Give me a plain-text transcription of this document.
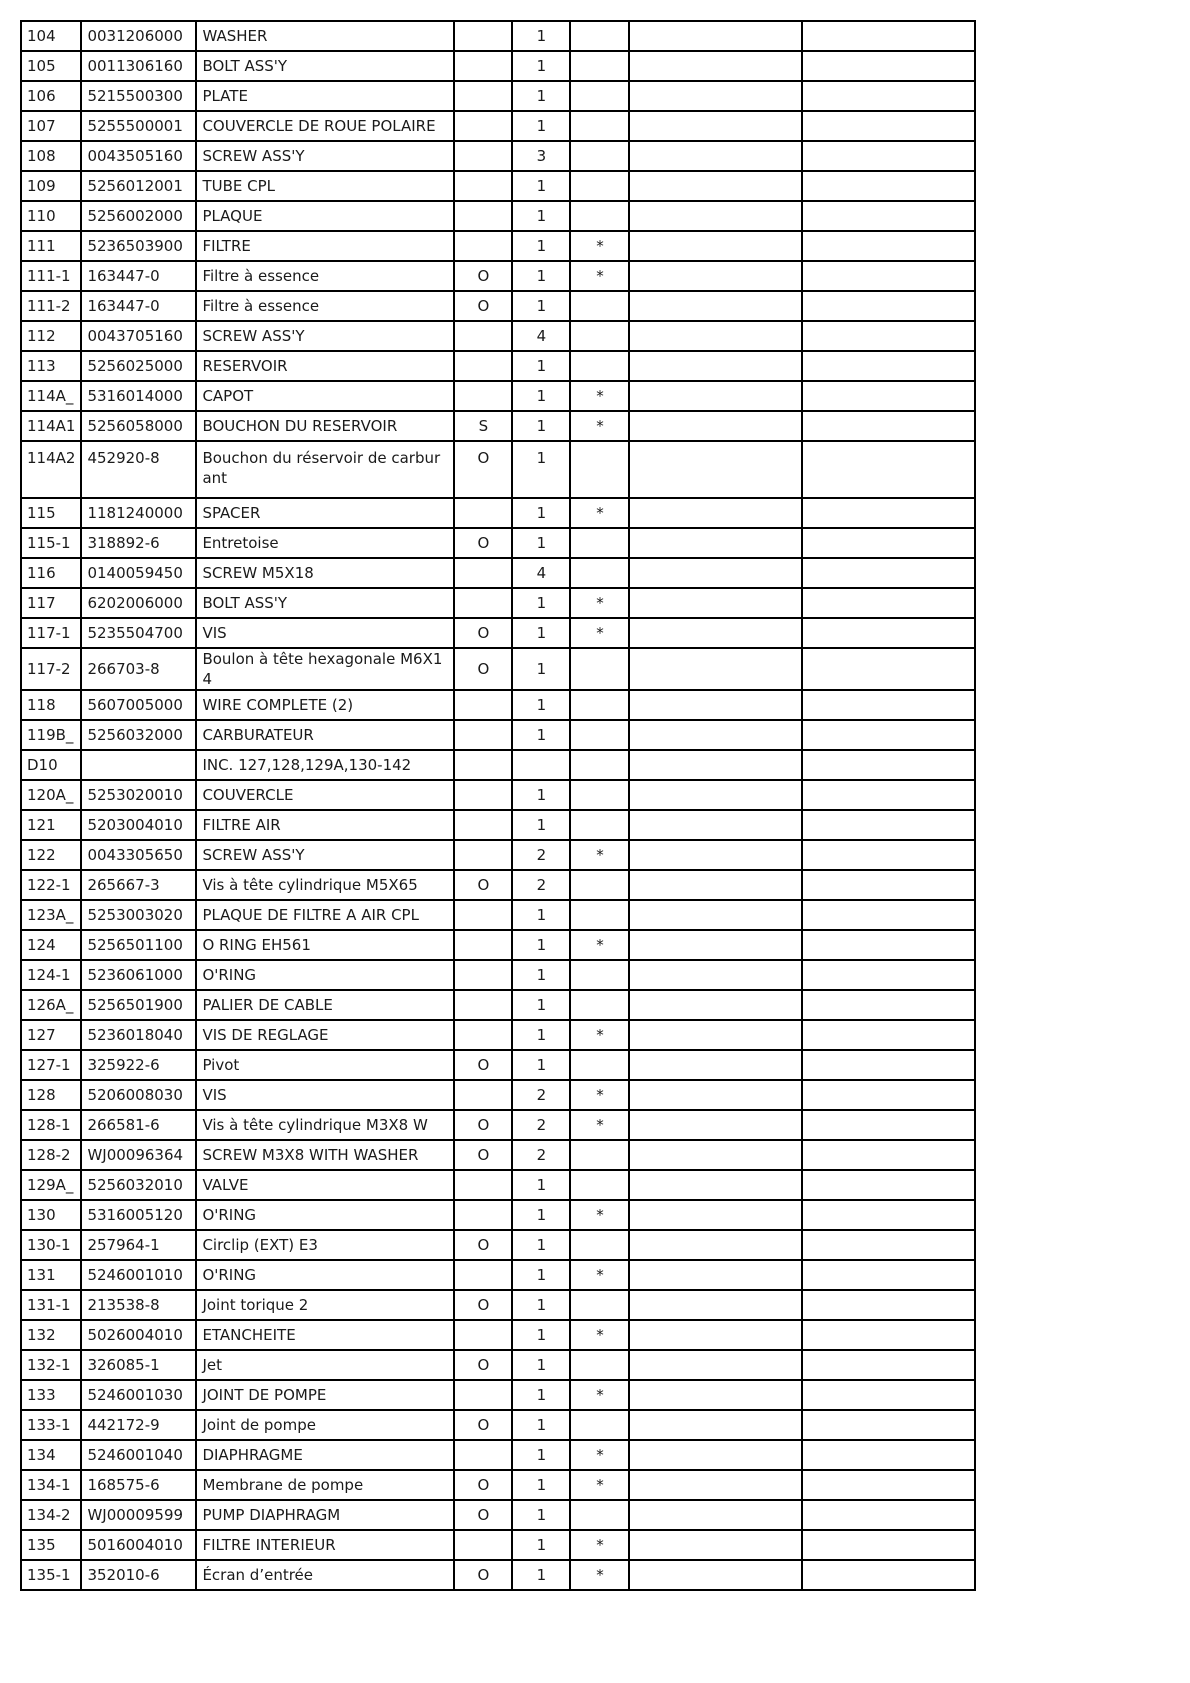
104	0031206000	WASHER		1			
105	0011306160	BOLT ASS'Y		1			
106	5215500300	PLATE		1			
107	5255500001	COUVERCLE DE ROUE POLAIRE		1			
108	0043505160	SCREW ASS'Y		3			
109	5256012001	TUBE CPL		1			
110	5256002000	PLAQUE		1			
111	5236503900	FILTRE		1	*		
111-1	163447-0	Filtre à essence	O	1	*		
111-2	163447-0	Filtre à essence	O	1			
112	0043705160	SCREW ASS'Y		4			
113	5256025000	RESERVOIR		1			
114A_	5316014000	CAPOT		1	*		
114A1	5256058000	BOUCHON DU RESERVOIR	S	1	*		
114A2	452920-8	Bouchon du réservoir de carburant	O	1			
115	1181240000	SPACER		1	*		
115-1	318892-6	Entretoise	O	1			
116	0140059450	SCREW M5X18		4			
117	6202006000	BOLT ASS'Y		1	*		
117-1	5235504700	VIS	O	1	*		
117-2	266703-8	Boulon à tête hexagonale M6X14	O	1			
118	5607005000	WIRE COMPLETE (2)		1			
119B_	5256032000	CARBURATEUR		1			
D10		INC. 127,128,129A,130-142					
120A_	5253020010	COUVERCLE		1			
121	5203004010	FILTRE AIR		1			
122	0043305650	SCREW ASS'Y		2	*		
122-1	265667-3	Vis à tête cylindrique M5X65	O	2			
123A_	5253003020	PLAQUE DE FILTRE A AIR CPL		1			
124	5256501100	O RING EH561		1	*		
124-1	5236061000	O'RING		1			
126A_	5256501900	PALIER DE CABLE		1			
127	5236018040	VIS DE REGLAGE		1	*		
127-1	325922-6	Pivot	O	1			
128	5206008030	VIS		2	*		
128-1	266581-6	Vis à tête cylindrique M3X8 W	O	2	*		
128-2	WJ00096364	SCREW M3X8 WITH WASHER	O	2			
129A_	5256032010	VALVE		1			
130	5316005120	O'RING		1	*		
130-1	257964-1	Circlip (EXT) E3	O	1			
131	5246001010	O'RING		1	*		
131-1	213538-8	Joint torique 2	O	1			
132	5026004010	ETANCHEITE		1	*		
132-1	326085-1	Jet	O	1			
133	5246001030	JOINT DE POMPE		1	*		
133-1	442172-9	Joint de pompe	O	1			
134	5246001040	DIAPHRAGME		1	*		
134-1	168575-6	Membrane de pompe	O	1	*		
134-2	WJ00009599	PUMP DIAPHRAGM	O	1			
135	5016004010	FILTRE INTERIEUR		1	*		
135-1	352010-6	Écran d’entrée	O	1	*		
